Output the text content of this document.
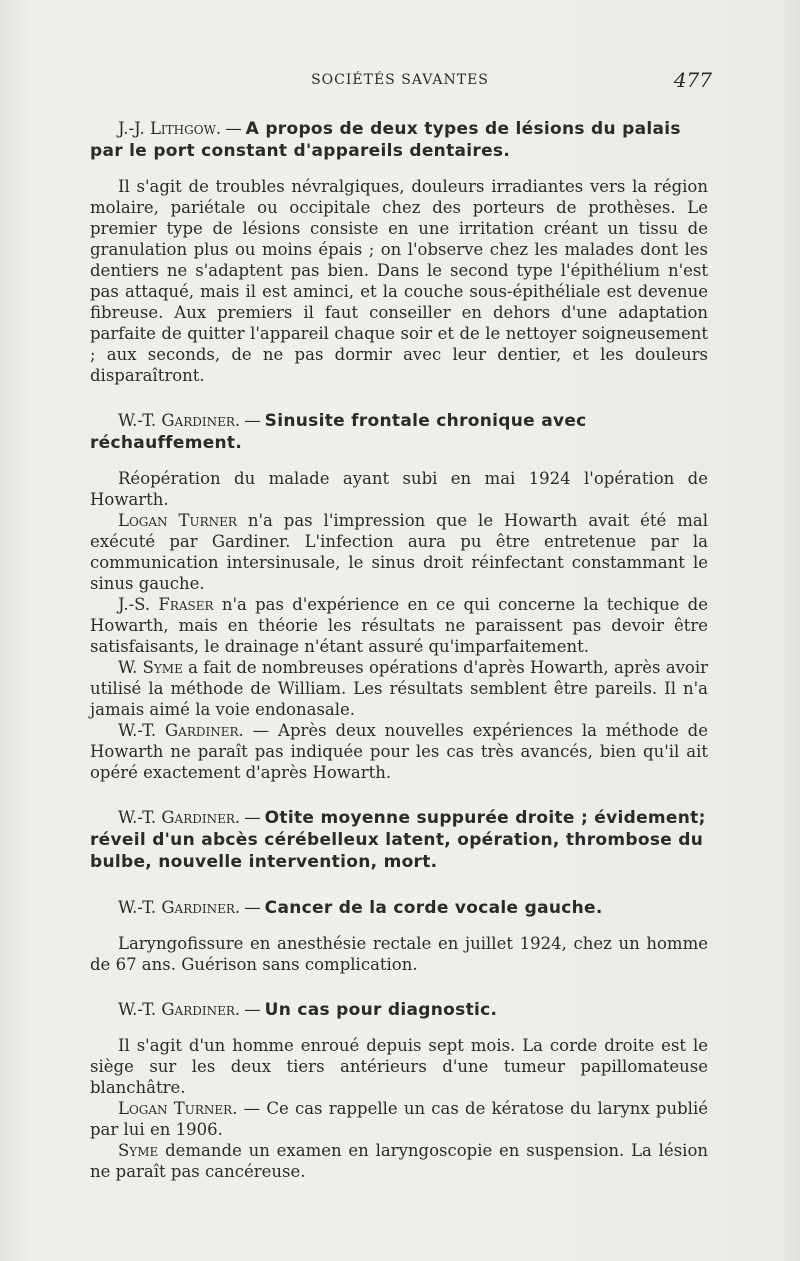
SOCIÉTÉS SAVANTES	477
J.-J. Lithgow. — A propos de deux types de lésions du palais par le port constant d'appareils dentaires.

Il s'agit de troubles névralgiques, douleurs irradiantes vers la région molaire, pariétale ou occipitale chez des porteurs de prothèses. Le premier type de lésions consiste en une irritation créant un tissu de granulation plus ou moins épais ; on l'observe chez les malades dont les dentiers ne s'adaptent pas bien. Dans le second type l'épithélium n'est pas attaqué, mais il est aminci, et la couche sous-épithéliale est devenue fibreuse. Aux premiers il faut conseiller en dehors d'une adaptation parfaite de quitter l'appareil chaque soir et de le nettoyer soigneusement ; aux seconds, de ne pas dormir avec leur dentier, et les douleurs disparaîtront.

W.-T. Gardiner. — Sinusite frontale chronique avec réchauffement.

Réopération du malade ayant subi en mai 1924 l'opération de Howarth.

Logan Turner n'a pas l'impression que le Howarth avait été mal exécuté par Gardiner. L'infection aura pu être entretenue par la communication intersinusale, le sinus droit réinfectant constammant le sinus gauche.

J.-S. Fraser n'a pas d'expérience en ce qui concerne la techique de Howarth, mais en théorie les résultats ne paraissent pas devoir être satisfaisants, le drainage n'étant assuré qu'imparfaitement.

W. Syme a fait de nombreuses opérations d'après Howarth, après avoir utilisé la méthode de William. Les résultats semblent être pareils. Il n'a jamais aimé la voie endonasale.

W.-T. Gardiner. — Après deux nouvelles expériences la méthode de Howarth ne paraît pas indiquée pour les cas très avancés, bien qu'il ait opéré exactement d'après Howarth.

W.-T. Gardiner. — Otite moyenne suppurée droite ; évidement; réveil d'un abcès cérébelleux latent, opération, thrombose du bulbe, nouvelle intervention, mort.
W.-T. Gardiner. — Cancer de la corde vocale gauche.

Laryngofissure en anesthésie rectale en juillet 1924, chez un homme de 67 ans. Guérison sans complication.

W.-T. Gardiner. — Un cas pour diagnostic.

Il s'agit d'un homme enroué depuis sept mois. La corde droite est le siège sur les deux tiers antérieurs d'une tumeur papillomateuse blanchâtre.

Logan Turner. — Ce cas rappelle un cas de kératose du larynx publié par lui en 1906.

Syme demande un examen en laryngoscopie en suspension. La lésion ne paraît pas cancéreuse.
